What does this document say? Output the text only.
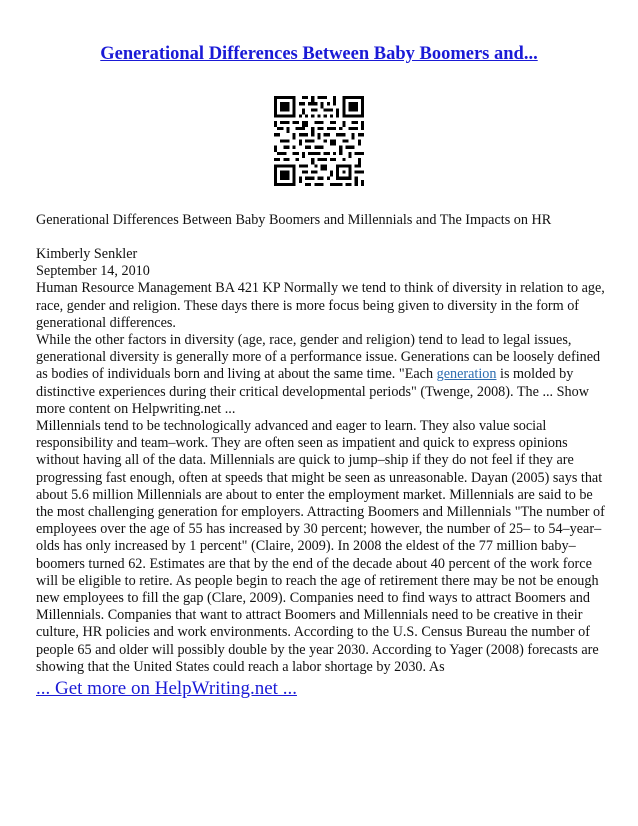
Generational Differences Between Baby Boomers and...
Generational Differences Between Baby Boomers and Millennials and The Impacts on HR
Kimberly Senkler
September 14, 2010
Human Resource Management BA 421 KP Normally we tend to think of diversity in relation to age,
race, gender and religion. These days there is more focus being given to diversity in the form of
generational differences.
While the other factors in diversity (age, race, gender and religion) tend to lead to legal issues,
generational diversity is generally more of a performance issue. Generations can be loosely defined
as bodies of individuals born and living at about the same time. "Each generation is molded by
distinctive experiences during their critical developmental periods" (Twenge, 2008). The ... Show
more content on Helpwriting.net ...
Millennials tend to be technologically advanced and eager to learn. They also value social
responsibility and team–work. They are often seen as impatient and quick to express opinions
without having all of the data. Millennials are quick to jump–ship if they do not feel if they are
progressing fast enough, often at speeds that might be seen as unreasonable. Dayan (2005) says that
about 5.6 million Millennials are about to enter the employment market. Millennials are said to be
the most challenging generation for employers. Attracting Boomers and Millennials "The number of
employees over the age of 55 has increased by 30 percent; however, the number of 25– to 54–year–
olds has only increased by 1 percent" (Claire, 2009). In 2008 the eldest of the 77 million baby–
boomers turned 62. Estimates are that by the end of the decade about 40 percent of the work force
will be eligible to retire. As people begin to reach the age of retirement there may be not be enough
new employees to fill the gap (Clare, 2009). Companies need to find ways to attract Boomers and
Millennials. Companies that want to attract Boomers and Millennials need to be creative in their
culture, HR policies and work environments. According to the U.S. Census Bureau the number of
people 65 and older will possibly double by the year 2030. According to Yager (2008) forecasts are
showing that the United States could reach a labor shortage by 2030. As
... Get more on HelpWriting.net ...
